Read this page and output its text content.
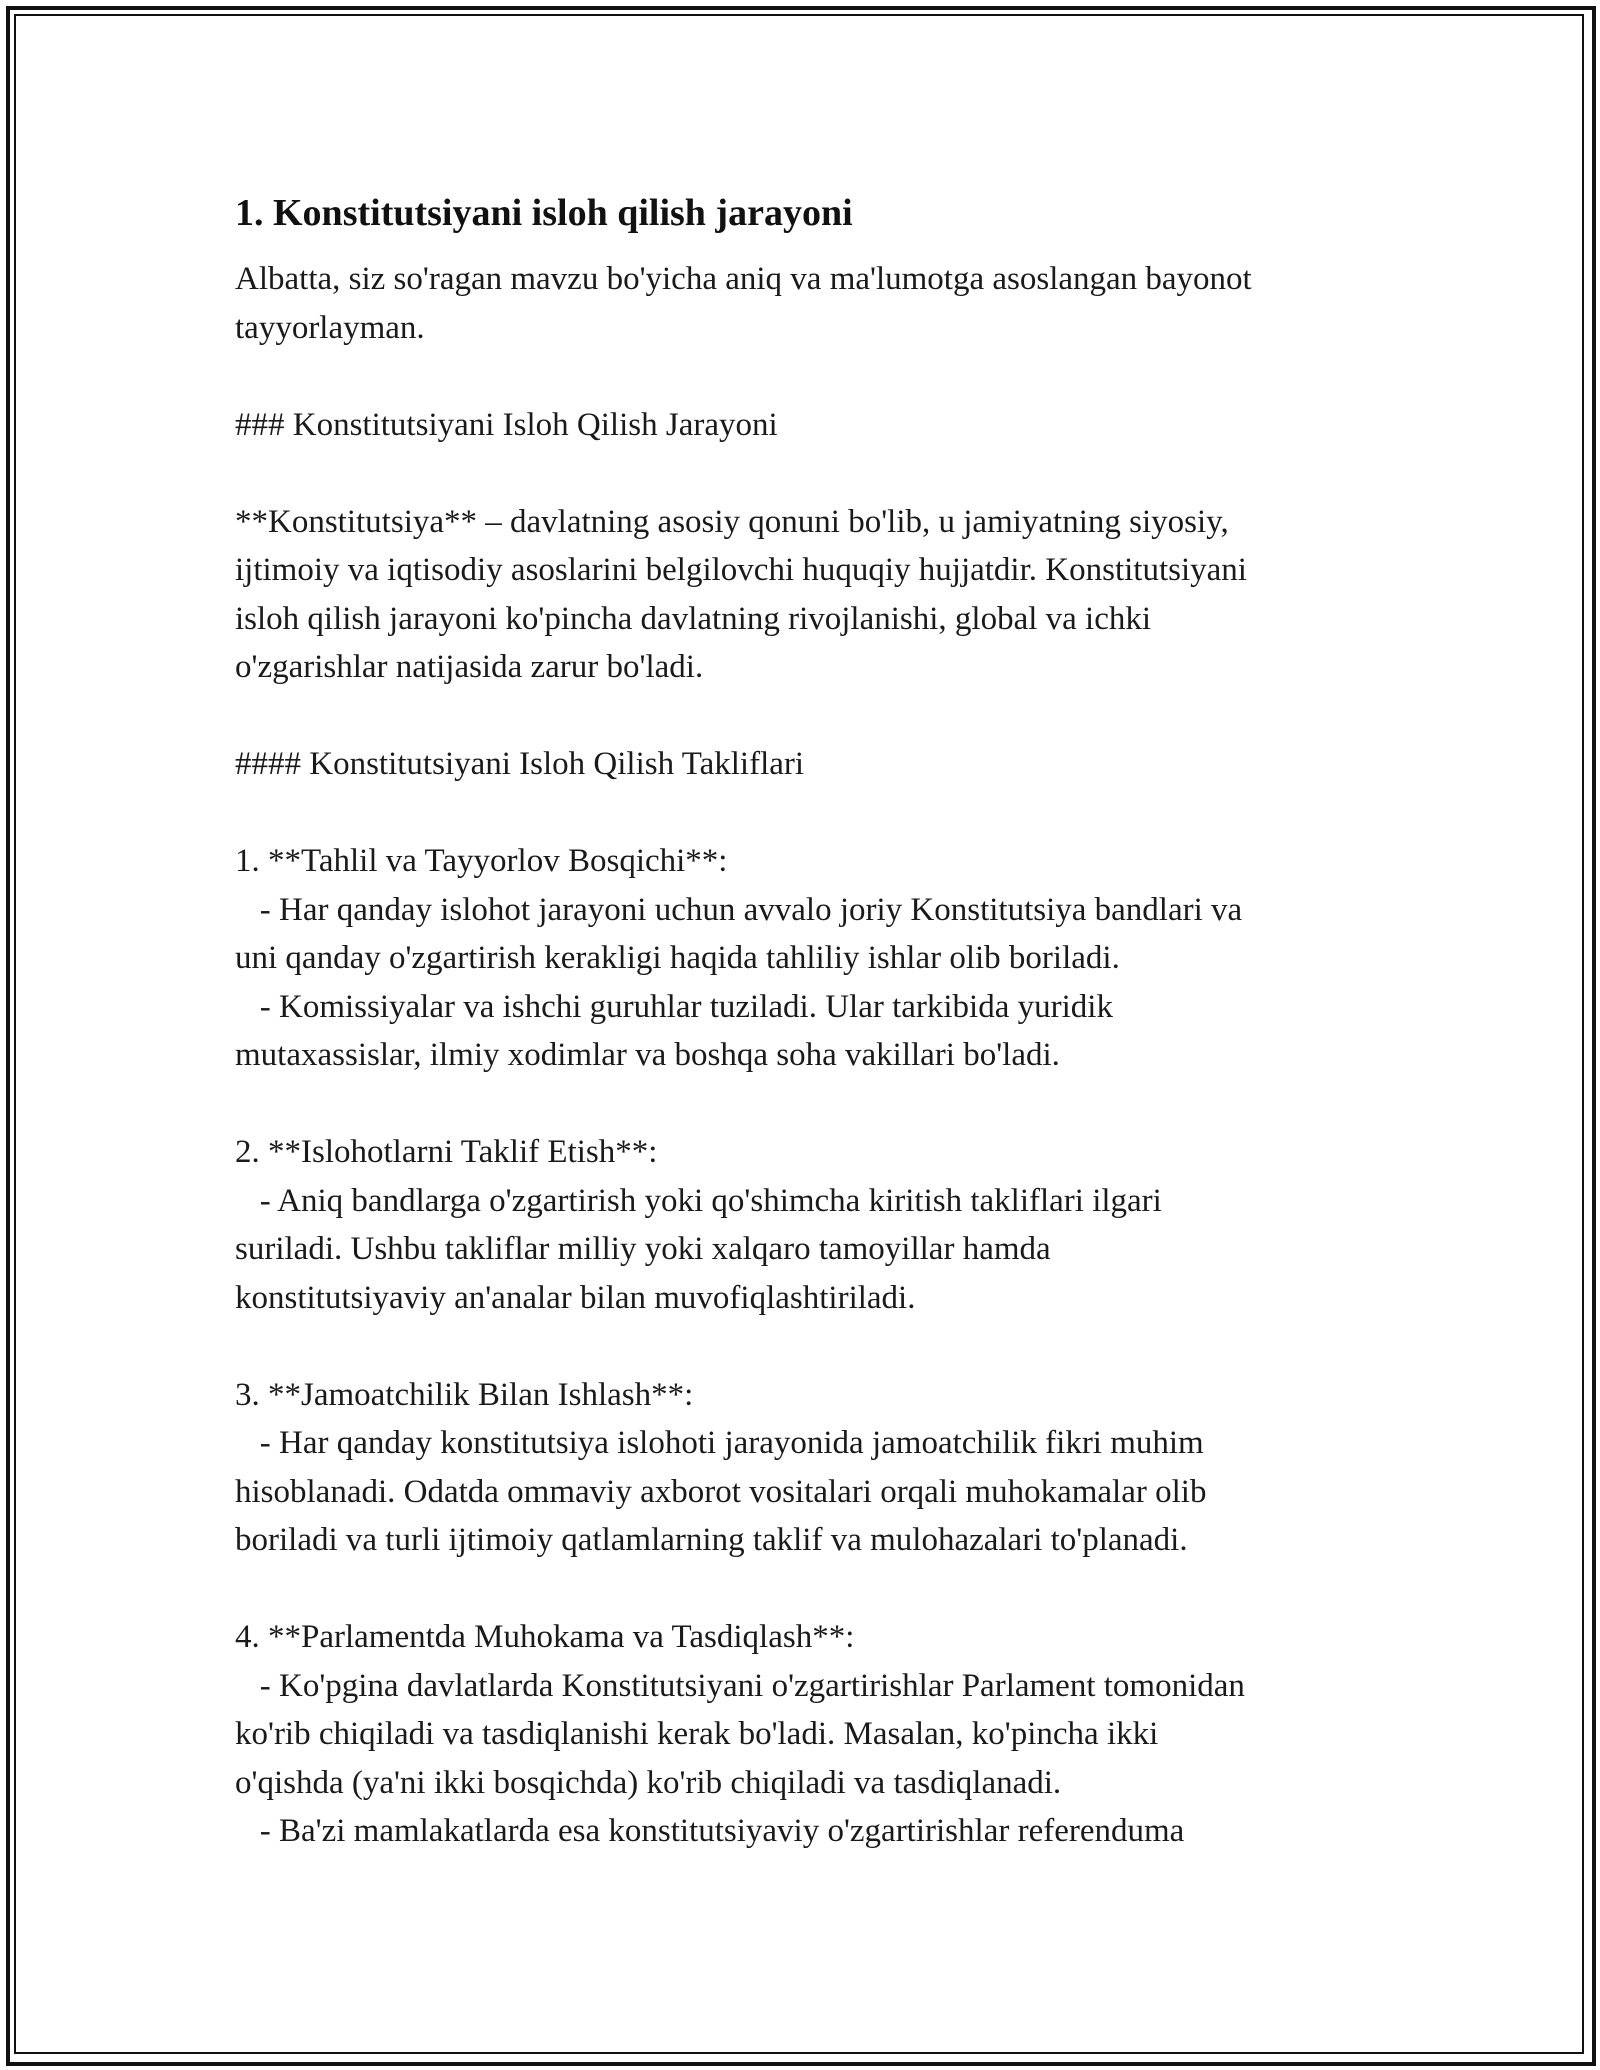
1. Konstitutsiyani isloh qilish jarayoni

Albatta, siz so'ragan mavzu bo'yicha aniq va ma'lumotga asoslangan bayonot
tayyorlayman.

### Konstitutsiyani Isloh Qilish Jarayoni

**Konstitutsiya** – davlatning asosiy qonuni bo'lib, u jamiyatning siyosiy,
ijtimoiy va iqtisodiy asoslarini belgilovchi huquqiy hujjatdir. Konstitutsiyani
isloh qilish jarayoni ko'pincha davlatning rivojlanishi, global va ichki
o'zgarishlar natijasida zarur bo'ladi.

#### Konstitutsiyani Isloh Qilish Takliflari

1. **Tahlil va Tayyorlov Bosqichi**:
- Har qanday islohot jarayoni uchun avvalo joriy Konstitutsiya bandlari va
uni qanday o'zgartirish kerakligi haqida tahliliy ishlar olib boriladi.
- Komissiyalar va ishchi guruhlar tuziladi. Ular tarkibida yuridik
mutaxassislar, ilmiy xodimlar va boshqa soha vakillari bo'ladi.

2. **Islohotlarni Taklif Etish**:
- Aniq bandlarga o'zgartirish yoki qo'shimcha kiritish takliflari ilgari
suriladi. Ushbu takliflar milliy yoki xalqaro tamoyillar hamda
konstitutsiyaviy an'analar bilan muvofiqlashtiriladi.

3. **Jamoatchilik Bilan Ishlash**:
- Har qanday konstitutsiya islohoti jarayonida jamoatchilik fikri muhim
hisoblanadi. Odatda ommaviy axborot vositalari orqali muhokamalar olib
boriladi va turli ijtimoiy qatlamlarning taklif va mulohazalari to'planadi.

4. **Parlamentda Muhokama va Tasdiqlash**:
- Ko'pgina davlatlarda Konstitutsiyani o'zgartirishlar Parlament tomonidan
ko'rib chiqiladi va tasdiqlanishi kerak bo'ladi. Masalan, ko'pincha ikki
o'qishda (ya'ni ikki bosqichda) ko'rib chiqiladi va tasdiqlanadi.
- Ba'zi mamlakatlarda esa konstitutsiyaviy o'zgartirishlar referenduma
